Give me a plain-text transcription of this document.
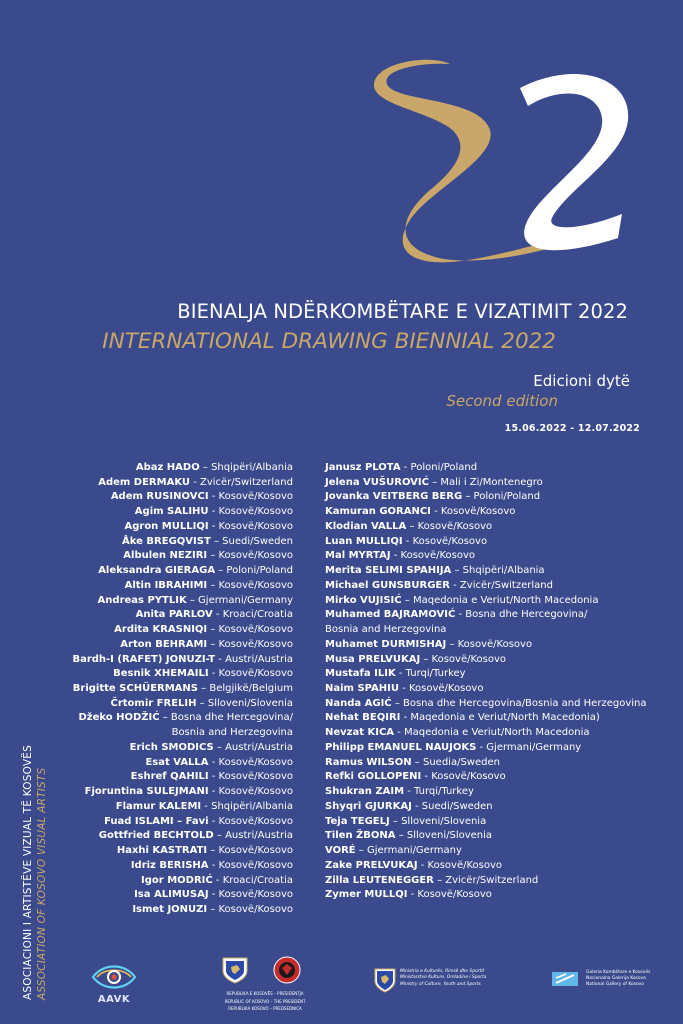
BIENALJA NDËRKOMBËTARE E VIZATIMIT 2022
INTERNATIONAL DRAWING BIENNIAL 2022
Edicioni dytë
Second edition
15.06.2022 - 12.07.2022
Abaz HADO – Shqipëri/Albania
Adem DERMAKU - Zvicër/Switzerland
Adem RUSINOVCI - Kosovë/Kosovo
Agim SALIHU - Kosovë/Kosovo
Agron MULLIQI - Kosovë/Kosovo
Åke BREGQVIST – Suedi/Sweden
Albulen NEZIRI – Kosovë/Kosovo
Aleksandra GIERAGA – Poloni/Poland
Altin IBRAHIMI – Kosovë/Kosovo
Andreas PYTLIK – Gjermani/Germany
Anita PARLOV - Kroaci/Croatia
Ardita KRASNIQI – Kosovë/Kosovo
Arton BEHRAMI – Kosovë/Kosovo
Bardh-I (RAFET) JONUZI-T - Austri/Austria
Besnik XHEMAILI - Kosovë/Kosovo
Brigitte SCHÜERMANS – Belgjikë/Belgium
Črtomir FRELIH – Slloveni/Slovenia
Džeko HODŽIĆ – Bosna dhe Hercegovina/
Bosnia and Herzegovina
Erich SMODICS – Austri/Austria
Esat VALLA - Kosovë/Kosovo
Eshref QAHILI - Kosovë/Kosovo
Fjoruntina SULEJMANI - Kosovë/Kosovo
Flamur KALEMI - Shqipëri/Albania
Fuad ISLAMI – Favi - Kosovë/Kosovo
Gottfried BECHTOLD – Austri/Austria
Haxhi KASTRATI – Kosovë/Kosovo
Idriz BERISHA - Kosovë/Kosovo
Igor MODRIĆ - Kroaci/Croatia
Isa ALIMUSAJ - Kosovë/Kosovo
Ismet JONUZI – Kosovë/Kosovo
Janusz PLOTA - Poloni/Poland
Jelena VUŠUROVIĆ – Mali i Zi/Montenegro
Jovanka VEITBERG BERG – Poloni/Poland
Kamuran GORANCI - Kosovë/Kosovo
Klodian VALLA – Kosovë/Kosovo
Luan MULLIQI - Kosovë/Kosovo
Mal MYRTAJ - Kosovë/Kosovo
Merita SELIMI SPAHIJA – Shqipëri/Albania
Michael GUNSBURGER - Zvicër/Switzerland
Mirko VUJISIĆ – Maqedonia e Veriut/North Macedonia
Muhamed BAJRAMOVIĆ - Bosna dhe Hercegovina/
Bosnia and Herzegovina
Muhamet DURMISHAJ – Kosovë/Kosovo
Musa PRELVUKAJ – Kosovë/Kosovo
Mustafa ILIK - Turqi/Turkey
Naim SPAHIU - Kosovë/Kosovo
Nanda AGIĆ – Bosna dhe Hercegovina/Bosnia and Herzegovina
Nehat BEQIRI - Maqedonia e Veriut/North Macedonia)
Nevzat KICA - Maqedonia e Veriut/North Macedonia
Philipp EMANUEL NAUJOKS - Gjermani/Germany
Ramus WILSON – Suedia/Sweden
Refki GOLLOPENI - Kosovë/Kosovo
Shukran ZAIM - Turqi/Turkey
Shyqri GJURKAJ - Suedi/Sweden
Teja TEGELJ – Slloveni/Slovenia
Tilen ŽBONA – Slloveni/Slovenia
VORÉ – Gjermani/Germany
Zake PRELVUKAJ - Kosovë/Kosovo
Zilla LEUTENEGGER – Zvicër/Switzerland
Zymer MULLQI - Kosovë/Kosovo
ASOCIACIONI I ARTISTËVE VIZUAL TË KOSOVËS ASSOCIATION OF KOSOVO VISUAL ARTISTS	AAVK
REPUBLIKA E KOSOVËS – PRESIDENTJA
REPUBLIC OF KOSOVO – THE PRESIDENT
REPUBLIKA KOSOVO – PREDSEDNICA
Ministria e Kulturës, Rinisë dhe Sportit
Ministarstvo Kulture, Omladine i Sporta
Ministry of Culture, Youth and Sports
Galeria Kombëtare e Kosovës
Nacionalna Galerija Kosova
National Gallery of Kosovo
